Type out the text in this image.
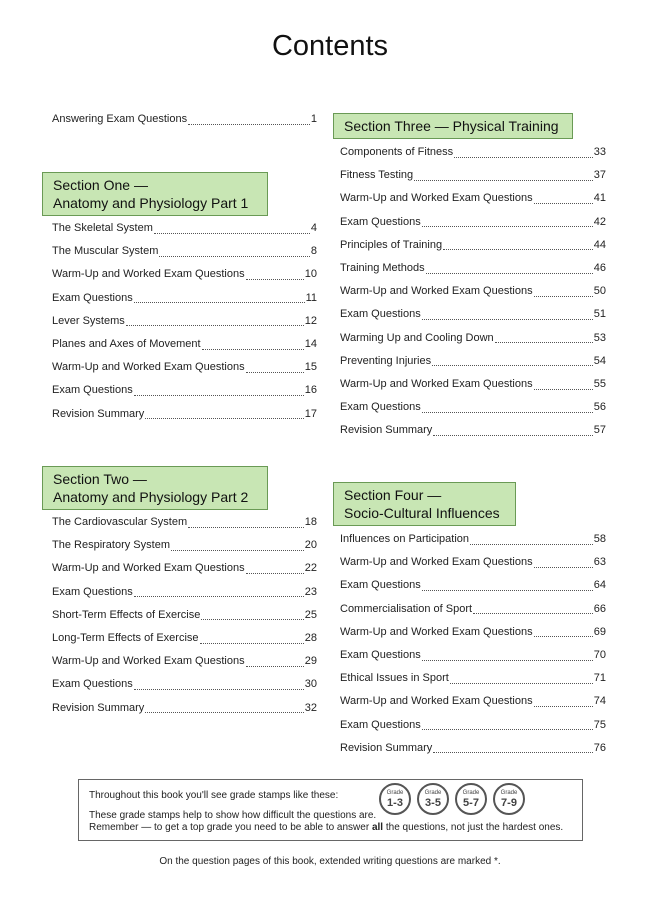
Contents
Answering Exam Questions	1
Section One —
Anatomy and Physiology Part 1
The Skeletal System	4
The Muscular System	8
Warm-Up and Worked Exam Questions	10
Exam Questions	11
Lever Systems	12
Planes and Axes of Movement	14
Warm-Up and Worked Exam Questions	15
Exam Questions	16
Revision Summary	17
Section Two —
Anatomy and Physiology Part 2
The Cardiovascular System	18
The Respiratory System	20
Warm-Up and Worked Exam Questions	22
Exam Questions	23
Short-Term Effects of Exercise	25
Long-Term Effects of Exercise	28
Warm-Up and Worked Exam Questions	29
Exam Questions	30
Revision Summary	32
Section Three — Physical Training
Components of Fitness	33
Fitness Testing	37
Warm-Up and Worked Exam Questions	41
Exam Questions	42
Principles of Training	44
Training Methods	46
Warm-Up and Worked Exam Questions	50
Exam Questions	51
Warming Up and Cooling Down	53
Preventing Injuries	54
Warm-Up and Worked Exam Questions	55
Exam Questions	56
Revision Summary	57
Section Four —
Socio-Cultural Influences
Influences on Participation	58
Warm-Up and Worked Exam Questions	63
Exam Questions	64
Commercialisation of Sport	66
Warm-Up and Worked Exam Questions	69
Exam Questions	70
Ethical Issues in Sport	71
Warm-Up and Worked Exam Questions	74
Exam Questions	75
Revision Summary	76
Throughout this book you'll see grade stamps like these:	Grade
1-3
Grade
3-5
Grade
5-7
Grade
7-9
These grade stamps help to show how difficult the questions are.
Remember — to get a top grade you need to be able to answer all the questions, not just the hardest ones.
On the question pages of this book, extended writing questions are marked *.
